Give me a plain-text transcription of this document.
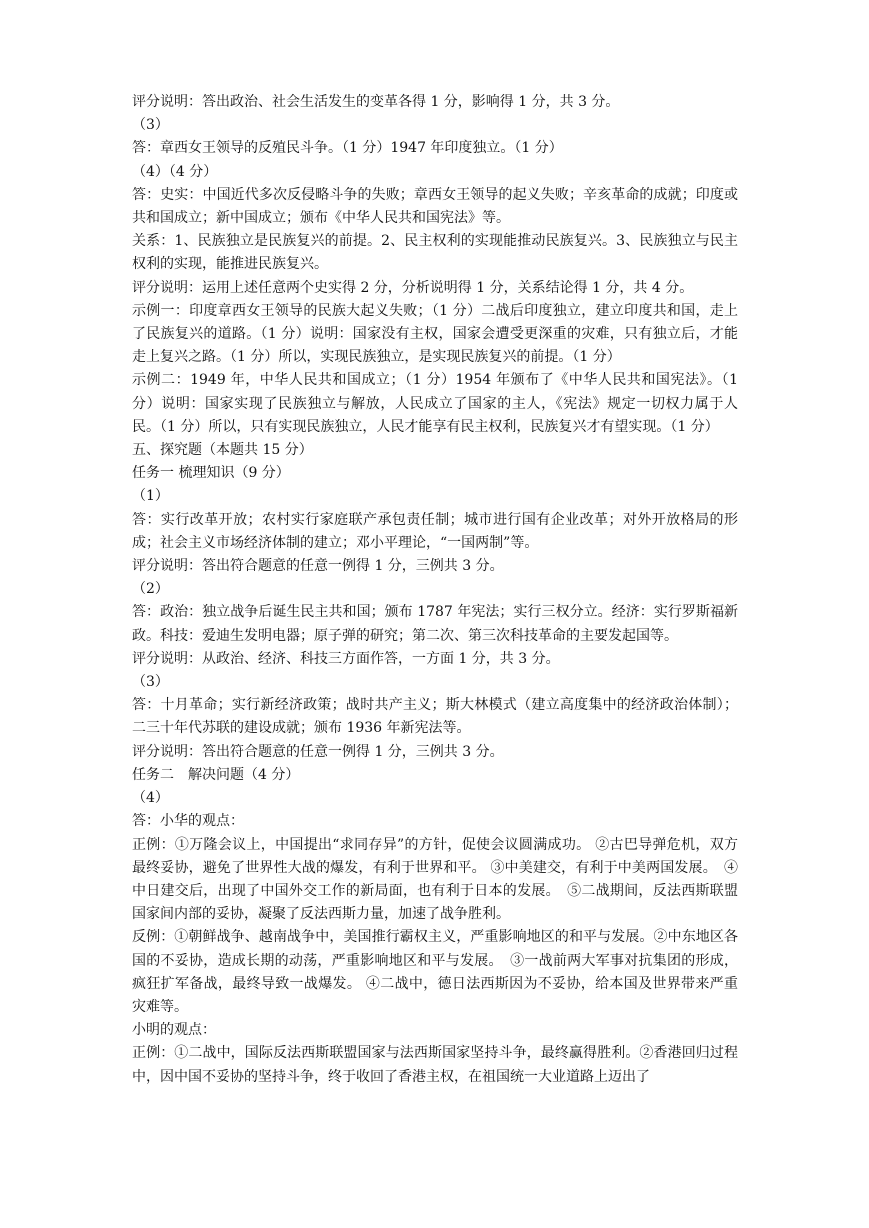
评分说明：答出政治、社会生活发生的变革各得 1 分，影响得 1 分，共 3 分。

（3）

答：章西女王领导的反殖民斗争。（1 分）1947 年印度独立。（1 分）

（4）（4 分）

答：史实：中国近代多次反侵略斗争的失败；章西女王领导的起义失败；辛亥革命的成就；印度或共和国成立；新中国成立；颁布《中华人民共和国宪法》等。

关系：1、民族独立是民族复兴的前提。2、民主权利的实现能推动民族复兴。3、民族独立与民主权利的实现，能推进民族复兴。

评分说明：运用上述任意两个史实得 2 分，分析说明得 1 分，关系结论得 1 分，共 4 分。

示例一：印度章西女王领导的民族大起义失败；（1 分）二战后印度独立，建立印度共和国，走上了民族复兴的道路。（1 分）说明：国家没有主权，国家会遭受更深重的灾难，只有独立后，才能走上复兴之路。（1 分）所以，实现民族独立，是实现民族复兴的前提。（1 分）

示例二：1949 年，中华人民共和国成立；（1 分）1954 年颁布了《中华人民共和国宪法》。（1 分）说明：国家实现了民族独立与解放，人民成立了国家的主人，《宪法》规定一切权力属于人民。（1 分）所以，只有实现民族独立，人民才能享有民主权利，民族复兴才有望实现。（1 分）

五、探究题（本题共 15 分）

任务一 梳理知识（9 分）

（1）

答：实行改革开放；农村实行家庭联产承包责任制；城市进行国有企业改革；对外开放格局的形成；社会主义市场经济体制的建立；邓小平理论，“一国两制”等。

评分说明：答出符合题意的任意一例得 1 分，三例共 3 分。

（2）

答：政治：独立战争后诞生民主共和国；颁布 1787 年宪法；实行三权分立。经济：实行罗斯福新政。科技：爱迪生发明电器；原子弹的研究；第二次、第三次科技革命的主要发起国等。

评分说明：从政治、经济、科技三方面作答，一方面 1 分，共 3 分。

（3）

答：十月革命；实行新经济政策；战时共产主义；斯大林模式（建立高度集中的经济政治体制）；二三十年代苏联的建设成就；颁布 1936 年新宪法等。

评分说明：答出符合题意的任意一例得 1 分，三例共 3 分。

任务二　解决问题（4 分）

（4）

答：小华的观点：

正例：①万隆会议上，中国提出“求同存异”的方针，促使会议圆满成功。 ②古巴导弹危机，双方最终妥协，避免了世界性大战的爆发，有利于世界和平。 ③中美建交，有利于中美两国发展。　④中日建交后，出现了中国外交工作的新局面，也有利于日本的发展。　⑤二战期间，反法西斯联盟国家间内部的妥协，凝聚了反法西斯力量，加速了战争胜利。

反例：①朝鲜战争、越南战争中，美国推行霸权主义，严重影响地区的和平与发展。②中东地区各国的不妥协，造成长期的动荡，严重影响地区和平与发展。　③一战前两大军事对抗集团的形成，疯狂扩军备战，最终导致一战爆发。 ④二战中，德日法西斯因为不妥协，给本国及世界带来严重灾难等。

小明的观点：

正例：①二战中，国际反法西斯联盟国家与法西斯国家坚持斗争，最终赢得胜利。②香港回归过程中，因中国不妥协的坚持斗争，终于收回了香港主权，在祖国统一大业道路上迈出了
